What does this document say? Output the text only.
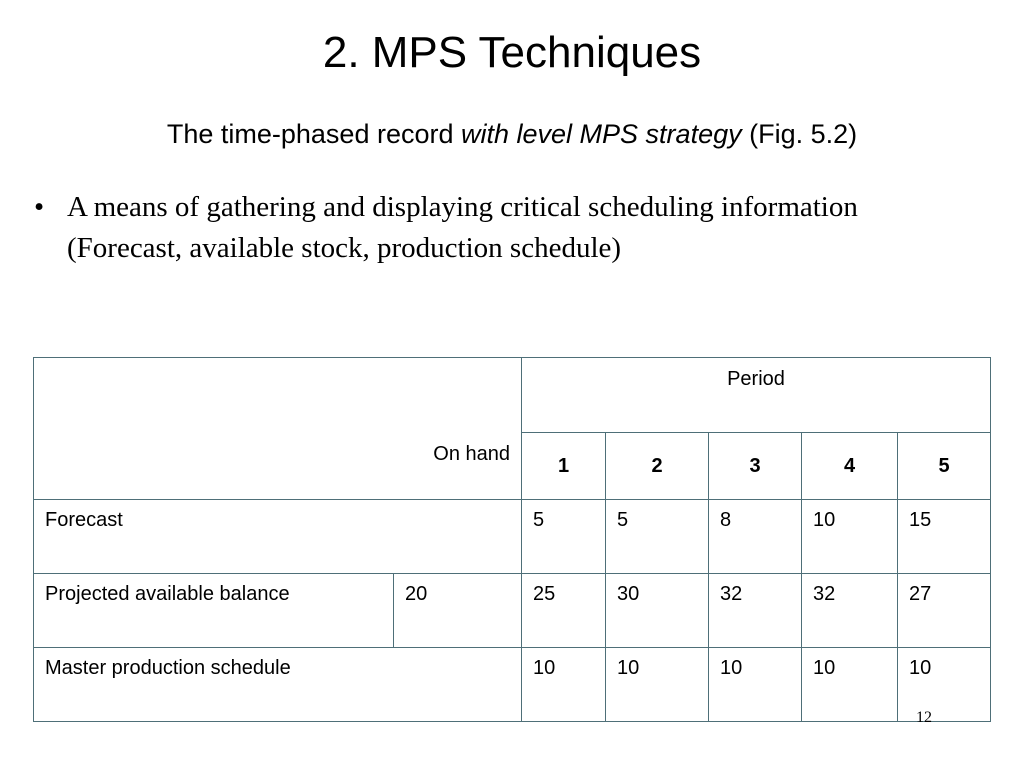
2. MPS Techniques
The time-phased record with level MPS strategy (Fig. 5.2)
• A means of gathering and displaying critical scheduling information (Forecast, available stock, production schedule)
On hand		Period				
		1	2	3	4	5
Forecast		5	5	8	10	15
Projected available balance	20	25	30	32	32	27
Master production schedule		10	10	10	10	10
12
